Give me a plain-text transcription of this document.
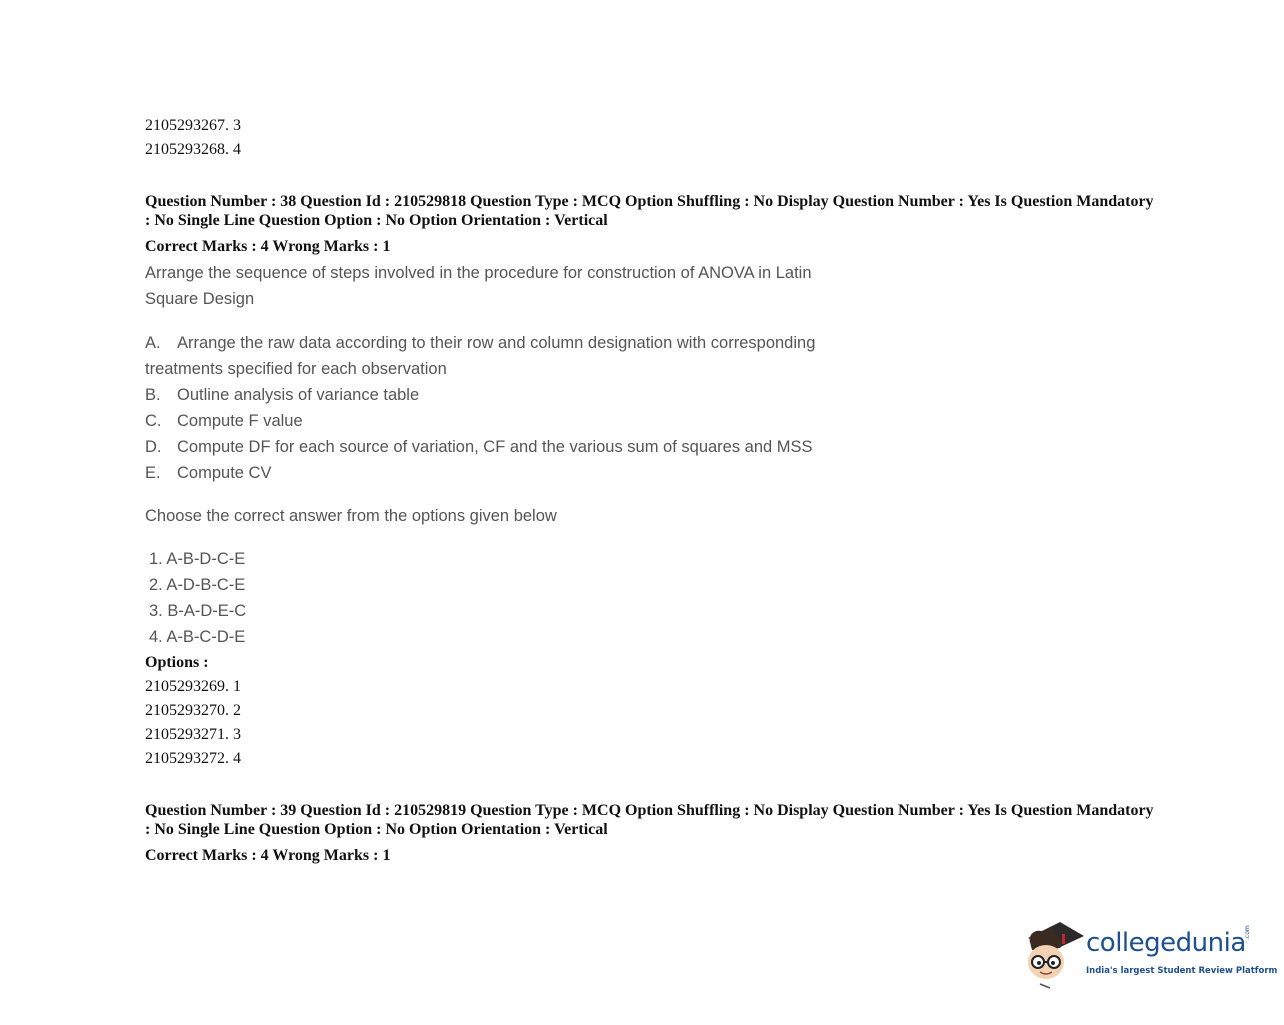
2105293267. 3
2105293268. 4
Question Number : 38 Question Id : 210529818 Question Type : MCQ Option Shuffling : No Display Question Number : Yes Is Question Mandatory : No Single Line Question Option : No Option Orientation : Vertical
Correct Marks : 4 Wrong Marks : 1
Arrange the sequence of steps involved in the procedure for construction of ANOVA in Latin
Square Design
A. Arrange the raw data according to their row and column designation with corresponding
treatments specified for each observation
B. Outline analysis of variance table
C. Compute F value
D. Compute DF for each source of variation, CF and the various sum of squares and MSS
E. Compute CV
Choose the correct answer from the options given below
1. A-B-D-C-E
2. A-D-B-C-E
3. B-A-D-E-C
4. A-B-C-D-E
Options :
2105293269. 1
2105293270. 2
2105293271. 3
2105293272. 4
Question Number : 39 Question Id : 210529819 Question Type : MCQ Option Shuffling : No Display Question Number : Yes Is Question Mandatory : No Single Line Question Option : No Option Orientation : Vertical
Correct Marks : 4 Wrong Marks : 1
collegedunia
.com
India's largest Student Review Platform
